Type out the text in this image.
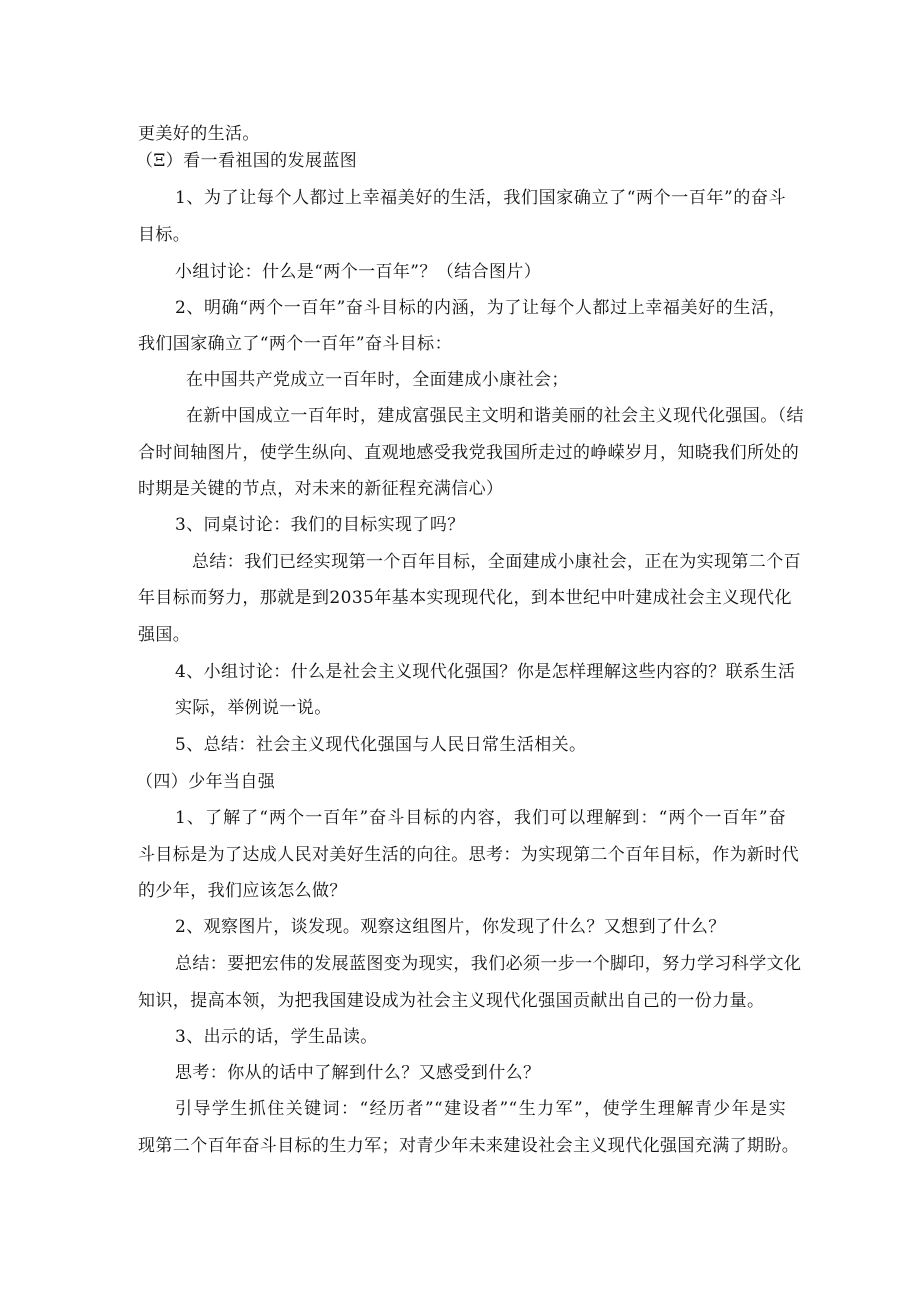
更美好的生活。
（Ξ）看一看祖国的发展蓝图
1、为了让每个人都过上幸福美好的生活，我们国家确立了“两个一百年”的奋斗
目标。
小组讨论：什么是“两个一百年”？（结合图片）
2、明确“两个一百年”奋斗目标的内涵，为了让每个人都过上幸福美好的生活，
我们国家确立了“两个一百年”奋斗目标：
在中国共产党成立一百年时，全面建成小康社会；
在新中国成立一百年时，建成富强民主文明和谐美丽的社会主义现代化强国。（结
合时间轴图片，使学生纵向、直观地感受我党我国所走过的峥嵘岁月，知晓我们所处的
时期是关键的节点，对未来的新征程充满信心）
3、同桌讨论：我们的目标实现了吗？
总结：我们已经实现第一个百年目标，全面建成小康社会，正在为实现第二个百
年目标而努力，那就是到2035年基本实现现代化，到本世纪中叶建成社会主义现代化
强国。
4、小组讨论：什么是社会主义现代化强国？你是怎样理解这些内容的？联系生活
实际，举例说一说。
5、总结：社会主义现代化强国与人民日常生活相关。
（四）少年当自强
1、了解了“两个一百年”奋斗目标的内容，我们可以理解到：“两个一百年”奋
斗目标是为了达成人民对美好生活的向往。思考：为实现第二个百年目标，作为新时代
的少年，我们应该怎么做？
2、观察图片，谈发现。观察这组图片，你发现了什么？又想到了什么？
总结：要把宏伟的发展蓝图变为现实，我们必须一步一个脚印，努力学习科学文化
知识，提高本领，为把我国建设成为社会主义现代化强国贡献出自己的一份力量。
3、出示的话，学生品读。
思考：你从的话中了解到什么？又感受到什么？
引导学生抓住关键词：“经历者”“建设者”“生力军”，使学生理解青少年是实
现第二个百年奋斗目标的生力军；对青少年未来建设社会主义现代化强国充满了期盼。
